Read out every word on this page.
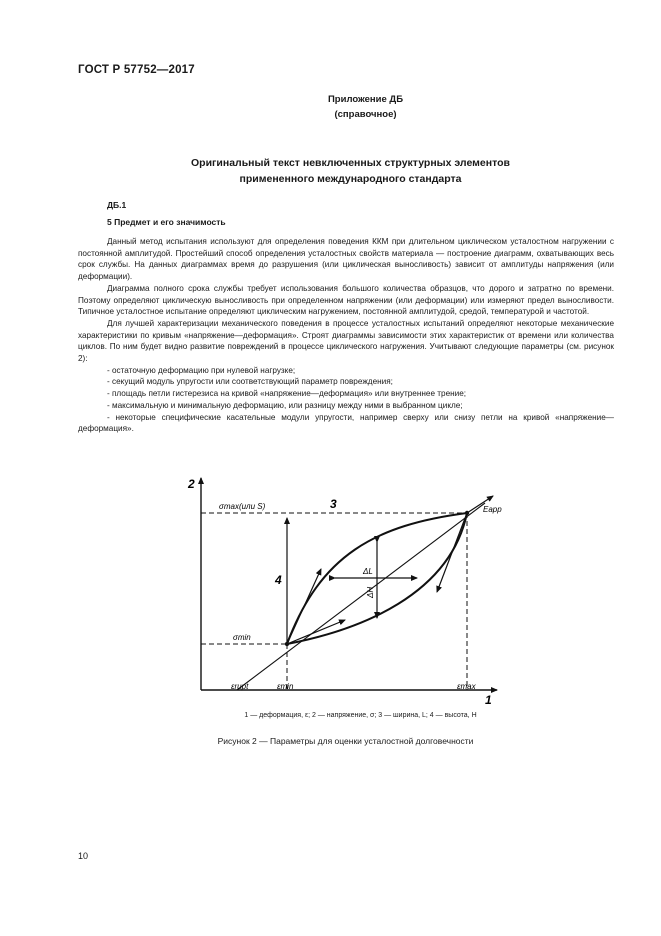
ГОСТ Р 57752—2017
Приложение ДБ
(справочное)
Оригинальный текст невключенных структурных элементов
примененного международного стандарта
ДБ.1
5 Предмет и его значимость

Данный метод испытания используют для определения поведения ККМ при длительном циклическом усталостном нагружении с постоянной амплитудой. Простейший способ определения усталостных свойств материала — построение диаграмм, охватывающих весь срок службы. На данных диаграммах время до разрушения (или циклическая выносливость) зависит от амплитуды напряжения (или деформации).

Диаграмма полного срока службы требует использования большого количества образцов, что дорого и затратно по времени. Поэтому определяют циклическую выносливость при определенном напряжении (или деформации) или измеряют предел выносливости. Типичное усталостное испытание определяют циклическим нагружением, постоянной амплитудой, средой, температурой и частотой.

Для лучшей характеризации механического поведения в процессе усталостных испытаний определяют некоторые механические характеристики по кривым «напряжение—деформация». Строят диаграммы зависимости этих характеристик от времени или количества циклов. По ним будет видно развитие повреждений в процессе циклического нагружения. Учитывают следующие параметры (см. рисунок 2):

- остаточную деформацию при нулевой нагрузке;

- секущий модуль упругости или соответствующий параметр повреждения;

- площадь петли гистерезиса на кривой «напряжение—деформация» или внутреннее трение;

- максимальную и минимальную деформацию, или разницу между ними в выбранном цикле;

- некоторые специфические касательные модули упругости, например сверху или снизу петли на кривой «напряжение—деформация».

2
1
3
4
σmax(или S)
σmin
Eapp
ΔL
ΔH
εrupt	εmin	εmax
1 — деформация, ε; 2 — напряжение, σ; 3 — ширина, L; 4 — высота, H
Рисунок 2 — Параметры для оценки усталостной долговечности
10
